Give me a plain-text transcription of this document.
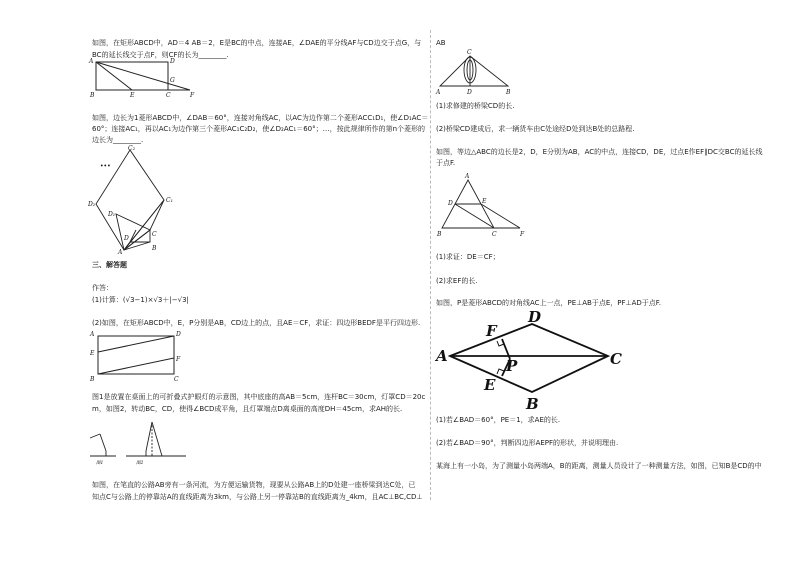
如图，在矩形ABCD中，AD＝4 AB＝2，E是BC的中点，连接AE，∠DAE的平分线AF与CD边交于点G，与
BC的延长线交于点F，则CF的长为________.
A	D
G
B	E	C	F
如图，边长为1菱形ABCD中，∠DAB＝60°，连接对角线AC，以AC为边作第二个菱形ACC₁D₁，使∠D₁AC＝
60°；连接AC₁，再以AC₁为边作第三个菱形AC₁C₂D₂，使∠D₂AC₁＝60°；…，按此规律所作的第n个菱形的
边长为________.
C₂
D₂
C₁
D₁
D
C
A
B
•••
三、解答题
作答：
(1)计算：(√3−1)×√3＋|−√3|
(2)如图，在矩形ABCD中，E，P分别是AB，CD边上的点，且AE＝CF，求证：四边形BEDF是平行四边形.
A	D
E
F
B	C
图1是放置在桌面上的可折叠式护眼灯的示意图，其中底座的高AB＝5cm，连杆BC＝30cm，灯罩CD＝20c
m，如图2，转动BC，CD，使得∠BCD成平角，且灯罩端点D离桌面的高度DH＝45cm，求AH的长.
图1	图2
如图，在笔直的公路AB旁有一条河流，为方便运输货物，现要从公路AB上的D处建一座桥梁到达C处，已
知点C与公路上的停靠站A的直线距离为3km，与公路上另一停靠站B的直线距离为_4km，且AC⊥BC,CD⊥
AB
C
A	D	B
(1)求修建的桥梁CD的长.
(2)桥梁CD建成后，求一辆货车由C处途经D处到达B处的总路程.
如图，等边△ABC的边长是2，D，E分别为AB，AC的中点，连接CD，DE，过点E作EF∥DC交BC的延长线
于点F.
A
D	E
B	C	F
(1)求证：DE＝CF；
(2)求EF的长.
如图，P是菱形ABCD的对角线AC上一点，PE⊥AB于点E，PF⊥AD于点F.
D
F
A
P	C
E
B
(1)若∠BAD＝60°，PE＝1，求AE的长.
(2)若∠BAD＝90°，判断四边形AEPF的形状，并说明理由.
某海上有一小岛，为了测量小岛两端A，B的距离，测量人员设计了一种测量方法，如图，已知B是CD的中
